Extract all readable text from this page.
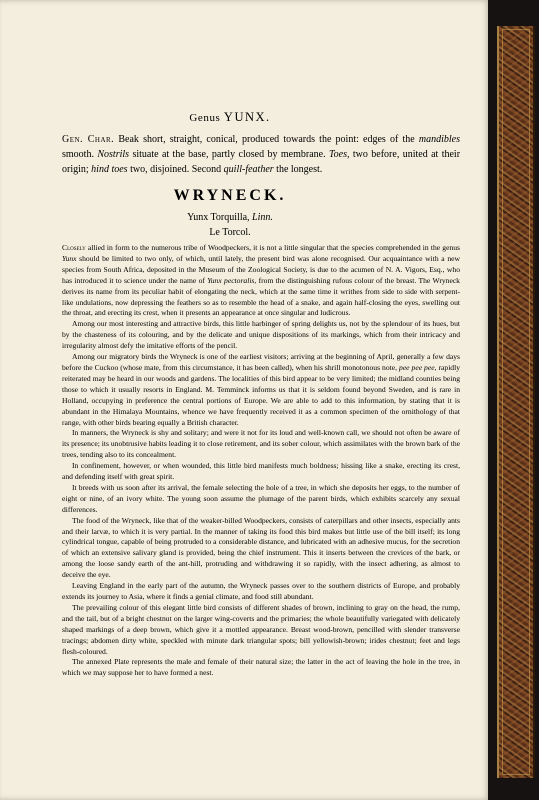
Genus YUNX.
Gen. Char. Beak short, straight, conical, produced towards the point: edges of the mandibles smooth. Nostrils situate at the base, partly closed by membrane. Toes, two before, united at their origin; hind toes two, disjoined. Second quill-feather the longest.
WRYNECK.
Yunx Torquilla, Linn.
Le Torcol.

Closely allied in form to the numerous tribe of Woodpeckers, it is not a little singular that the species comprehended in the genus Yunx should be limited to two only, of which, until lately, the present bird was alone recognised. Our acquaintance with a new species from South Africa, deposited in the Museum of the Zoological Society, is due to the acumen of N. A. Vigors, Esq., who has introduced it to science under the name of Yunx pectoralis, from the distinguishing rufous colour of the breast. The Wryneck derives its name from its peculiar habit of elongating the neck, which at the same time it writhes from side to side with serpent-like undulations, now depressing the feathers so as to resemble the head of a snake, and again half-closing the eyes, swelling out the throat, and erecting its crest, when it presents an appearance at once singular and ludicrous.

Among our most interesting and attractive birds, this little harbinger of spring delights us, not by the splendour of its hues, but by the chasteness of its colouring, and by the delicate and unique dispositions of its markings, which from their intricacy and irregularity almost defy the imitative efforts of the pencil.

Among our migratory birds the Wryneck is one of the earliest visitors; arriving at the beginning of April, generally a few days before the Cuckoo (whose mate, from this circumstance, it has been called), when his shrill monotonous note, pee pee pee, rapidly reiterated may be heard in our woods and gardens. The localities of this bird appear to be very limited; the midland counties being those to which it usually resorts in England. M. Temminck informs us that it is seldom found beyond Sweden, and is rare in Holland, occupying in preference the central portions of Europe. We are able to add to this information, by stating that it is abundant in the Himalaya Mountains, whence we have frequently received it as a common specimen of the ornithology of that range, with other birds bearing equally a British character.

In manners, the Wryneck is shy and solitary; and were it not for its loud and well-known call, we should not often be aware of its presence; its unobtrusive habits leading it to close retirement, and its sober colour, which assimilates with the brown bark of the trees, tending also to its concealment.

In confinement, however, or when wounded, this little bird manifests much boldness; hissing like a snake, erecting its crest, and defending itself with great spirit.

It breeds with us soon after its arrival, the female selecting the hole of a tree, in which she deposits her eggs, to the number of eight or nine, of an ivory white. The young soon assume the plumage of the parent birds, which exhibits scarcely any sexual differences.

The food of the Wryneck, like that of the weaker-billed Woodpeckers, consists of caterpillars and other insects, especially ants and their larvæ, to which it is very partial. In the manner of taking its food this bird makes but little use of the bill itself; its long cylindrical tongue, capable of being protruded to a considerable distance, and lubricated with an adhesive mucus, for the secretion of which an extensive salivary gland is provided, being the chief instrument. This it inserts between the crevices of the bark, or among the loose sandy earth of the ant-hill, protruding and withdrawing it so rapidly, with the insect adhering, as almost to deceive the eye.

Leaving England in the early part of the autumn, the Wryneck passes over to the southern districts of Europe, and probably extends its journey to Asia, where it finds a genial climate, and food still abundant.

The prevailing colour of this elegant little bird consists of different shades of brown, inclining to gray on the head, the rump, and the tail, but of a bright chestnut on the larger wing-coverts and the primaries; the whole beautifully variegated with delicately shaped markings of a deep brown, which give it a mottled appearance. Breast wood-brown, pencilled with slender transverse tracings; abdomen dirty white, speckled with minute dark triangular spots; bill yellowish-brown; irides chestnut; feet and legs flesh-coloured.

The annexed Plate represents the male and female of their natural size; the latter in the act of leaving the hole in the tree, in which we may suppose her to have formed a nest.
